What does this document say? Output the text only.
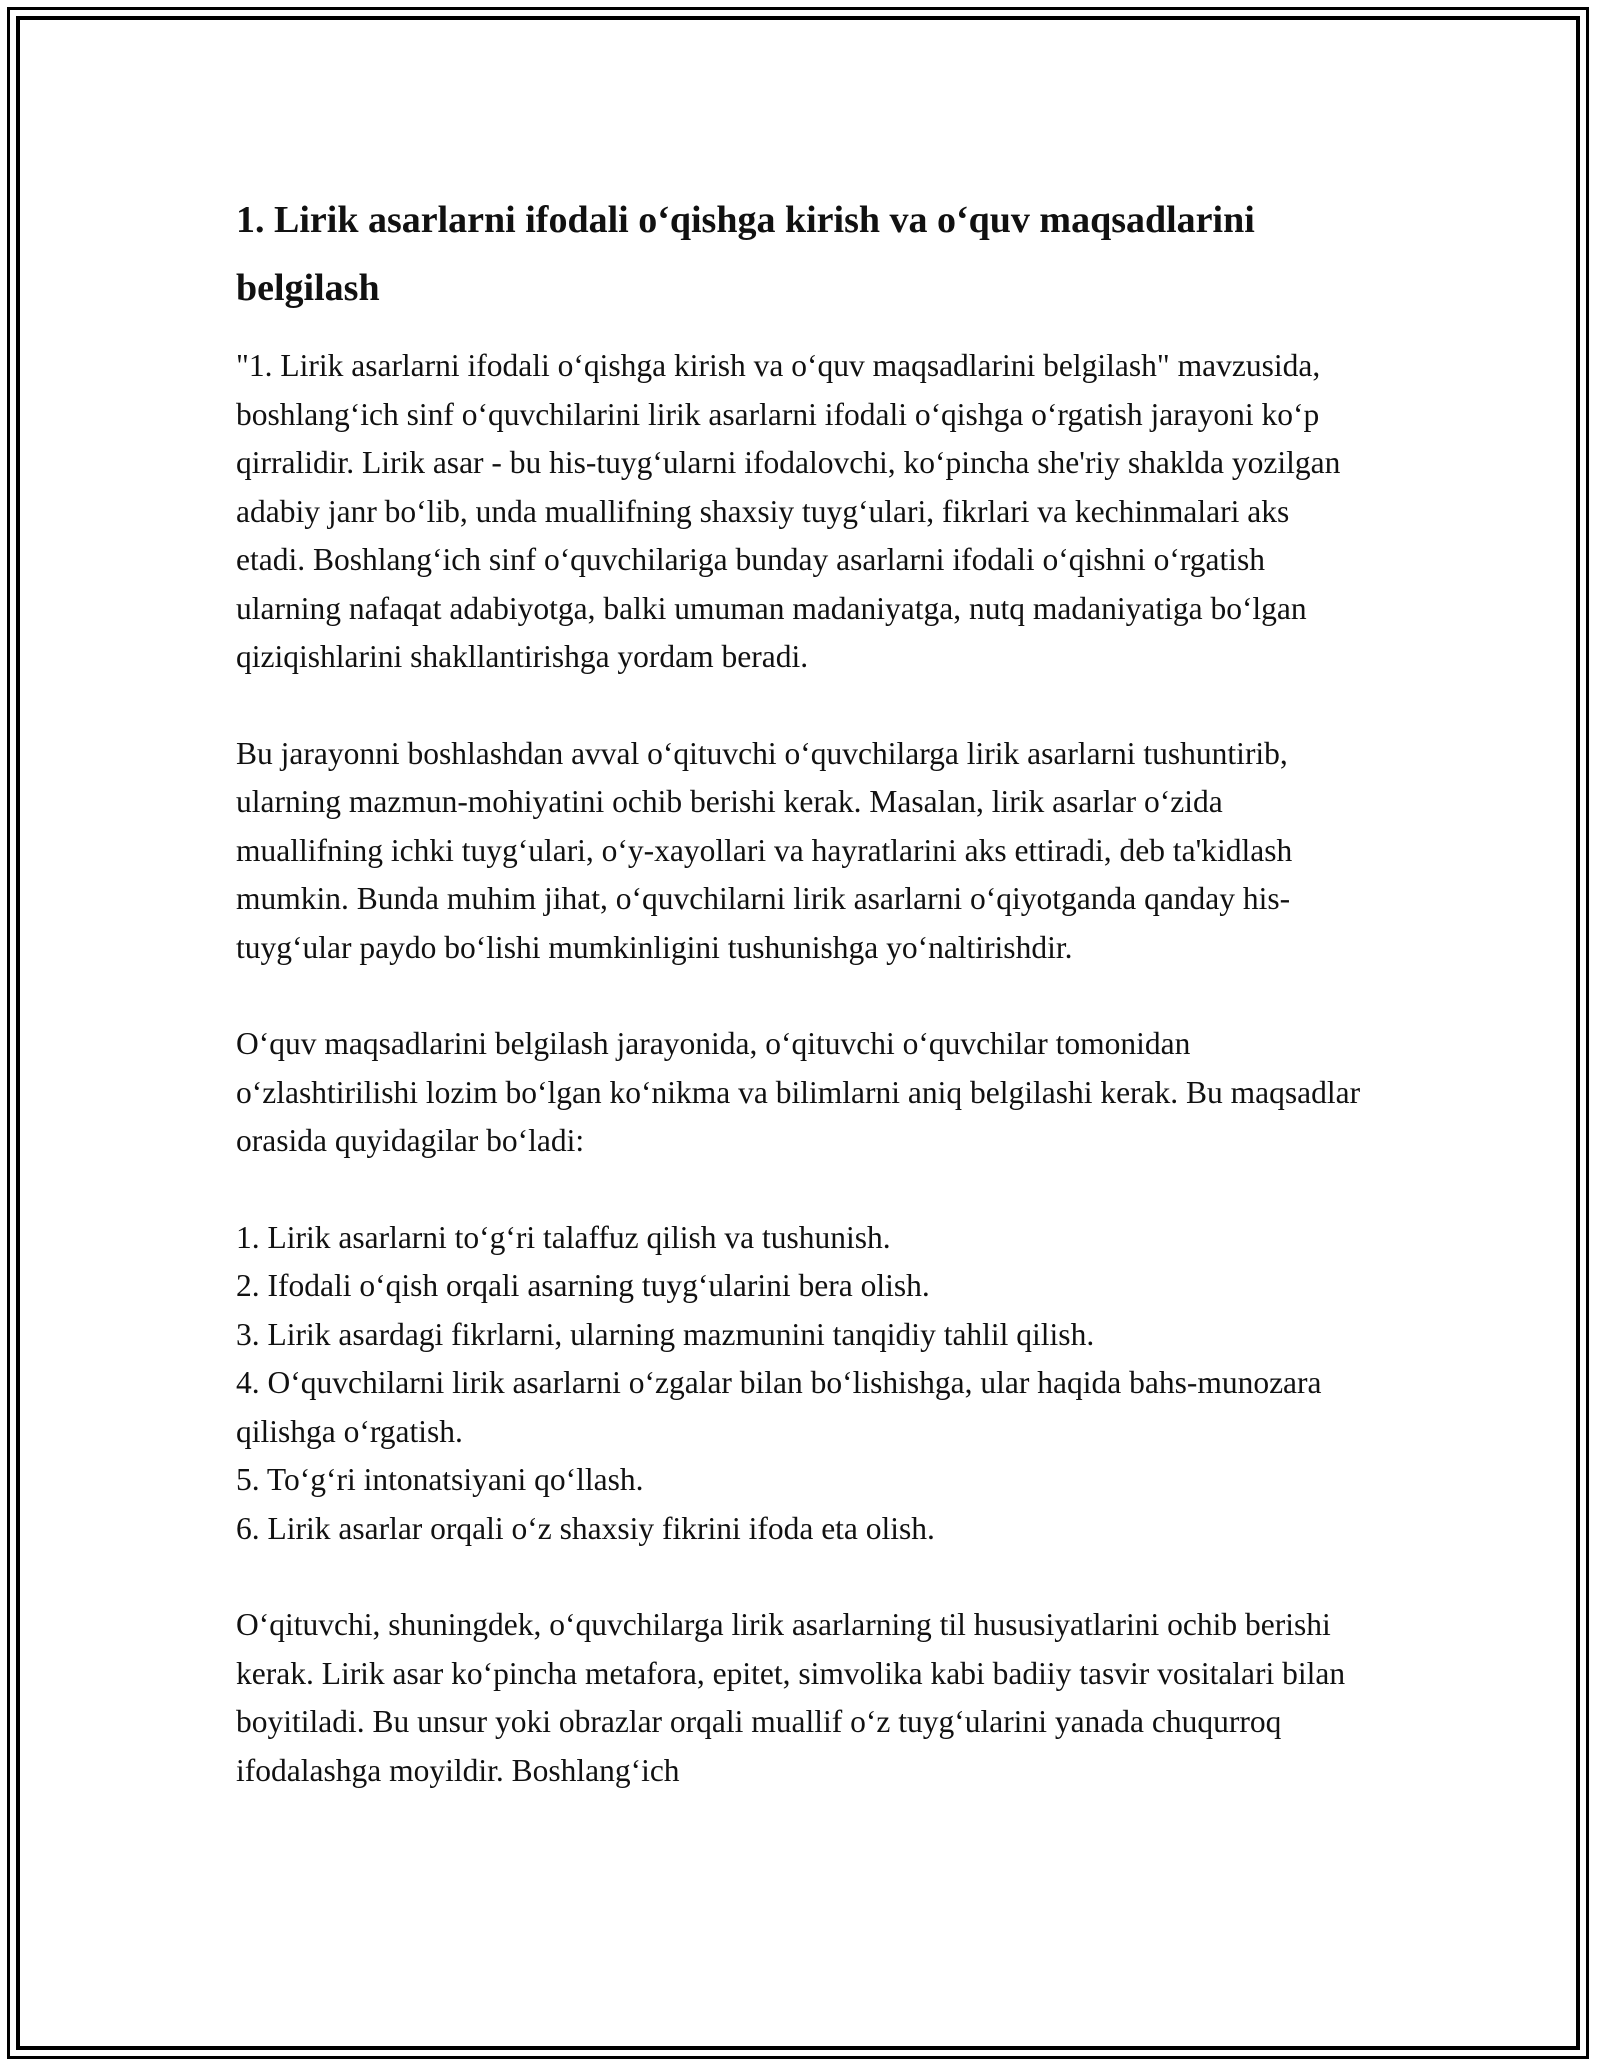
1. Lirik asarlarni ifodali o‘qishga kirish va o‘quv maqsadlarini belgilash

"1. Lirik asarlarni ifodali o‘qishga kirish va o‘quv maqsadlarini belgilash" mavzusida, boshlang‘ich sinf o‘quvchilarini lirik asarlarni ifodali o‘qishga o‘rgatish jarayoni ko‘p qirralidir. Lirik asar - bu his-tuyg‘ularni ifodalovchi, ko‘pincha she'riy shaklda yozilgan adabiy janr bo‘lib, unda muallifning shaxsiy tuyg‘ulari, fikrlari va kechinmalari aks etadi. Boshlang‘ich sinf o‘quvchilariga bunday asarlarni ifodali o‘qishni o‘rgatish ularning nafaqat adabiyotga, balki umuman madaniyatga, nutq madaniyatiga bo‘lgan qiziqishlarini shakllantirishga yordam beradi.

Bu jarayonni boshlashdan avval o‘qituvchi o‘quvchilarga lirik asarlarni tushuntirib, ularning mazmun-mohiyatini ochib berishi kerak. Masalan, lirik asarlar o‘zida muallifning ichki tuyg‘ulari, o‘y-xayollari va hayratlarini aks ettiradi, deb ta'kidlash mumkin. Bunda muhim jihat, o‘quvchilarni lirik asarlarni o‘qiyotganda qanday his-tuyg‘ular paydo bo‘lishi mumkinligini tushunishga yo‘naltirishdir.

O‘quv maqsadlarini belgilash jarayonida, o‘qituvchi o‘quvchilar tomonidan o‘zlashtirilishi lozim bo‘lgan ko‘nikma va bilimlarni aniq belgilashi kerak. Bu maqsadlar orasida quyidagilar bo‘ladi:

1. Lirik asarlarni to‘g‘ri talaffuz qilish va tushunish.
2. Ifodali o‘qish orqali asarning tuyg‘ularini bera olish.
3. Lirik asardagi fikrlarni, ularning mazmunini tanqidiy tahlil qilish.
4. O‘quvchilarni lirik asarlarni o‘zgalar bilan bo‘lishishga, ular haqida bahs-munozara qilishga o‘rgatish.
5. To‘g‘ri intonatsiyani qo‘llash.
6. Lirik asarlar orqali o‘z shaxsiy fikrini ifoda eta olish.

O‘qituvchi, shuningdek, o‘quvchilarga lirik asarlarning til hususiyatlarini ochib berishi kerak. Lirik asar ko‘pincha metafora, epitet, simvolika kabi badiiy tasvir vositalari bilan boyitiladi. Bu unsur yoki obrazlar orqali muallif o‘z tuyg‘ularini yanada chuqurroq ifodalashga moyildir. Boshlang‘ich
